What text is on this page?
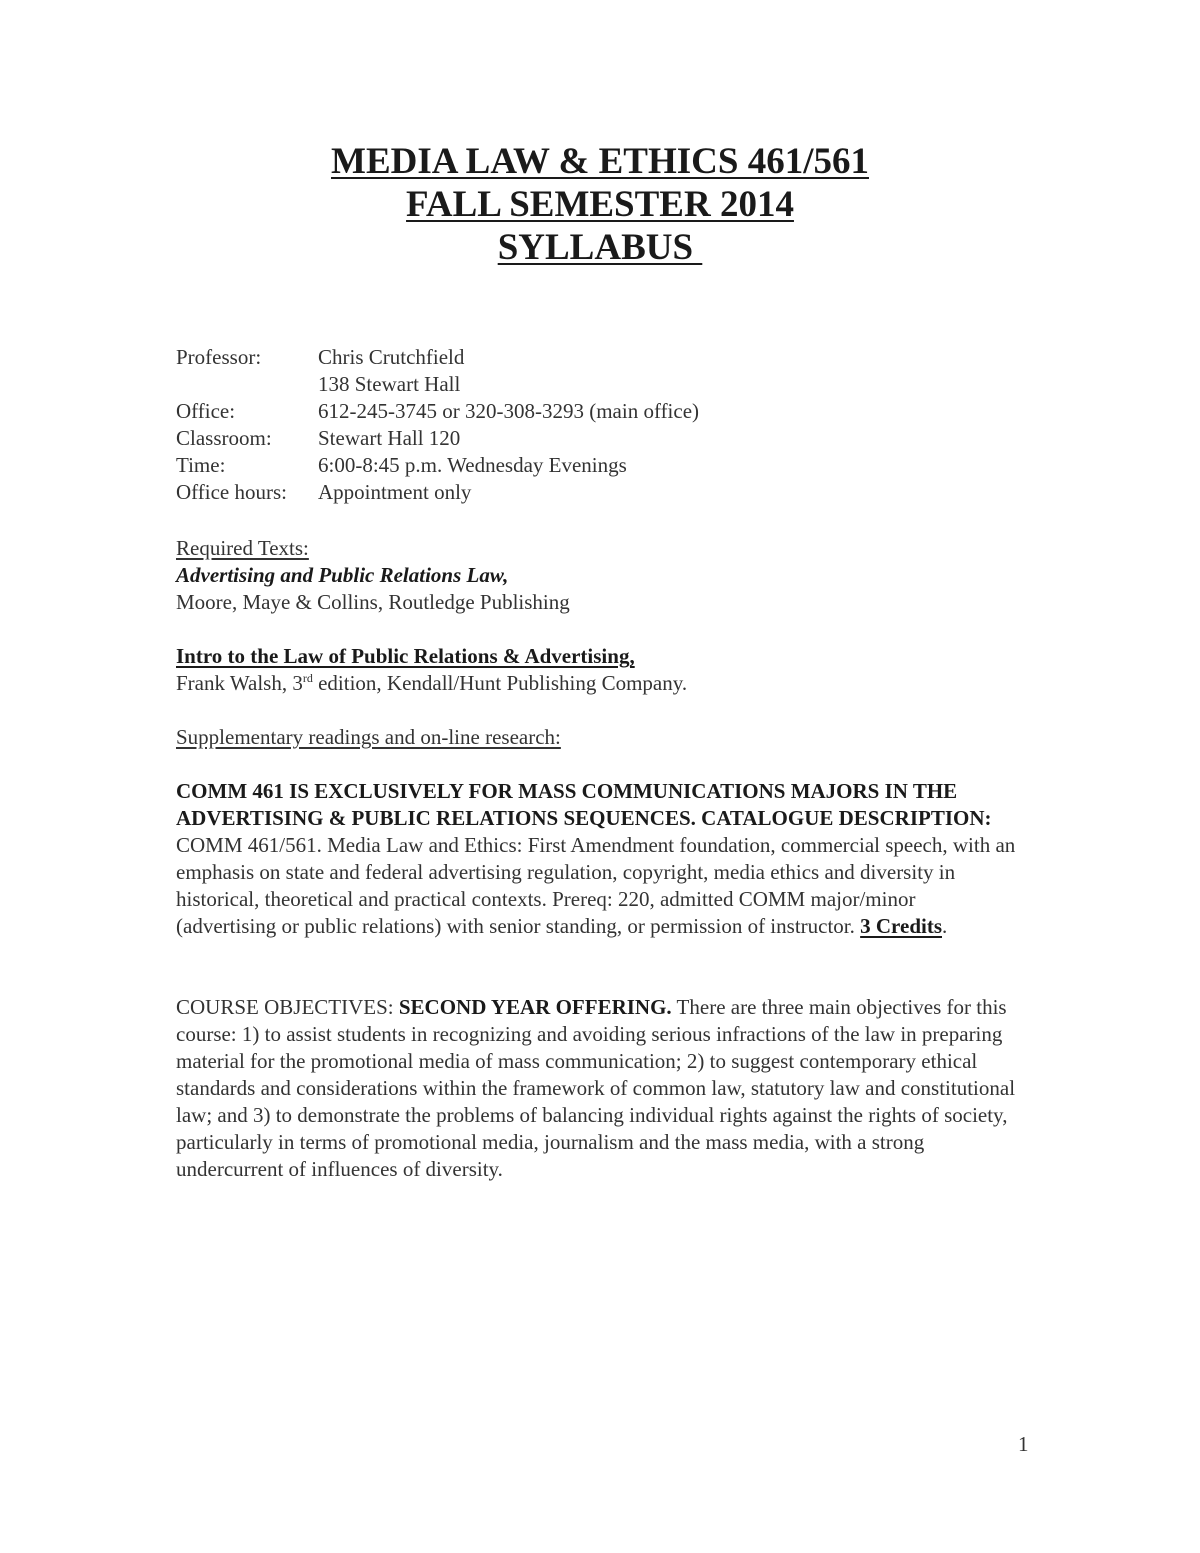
MEDIA LAW & ETHICS 461/561
FALL SEMESTER 2014
SYLLABUS
Professor:	Chris Crutchfield
138 Stewart Hall
Office:	612-245-3745 or 320-308-3293 (main office)
Classroom:	Stewart Hall 120
Time:	6:00-8:45 p.m. Wednesday Evenings
Office hours:	Appointment only
Required Texts:
Advertising and Public Relations Law,
Moore, Maye & Collins, Routledge Publishing
Intro to the Law of Public Relations & Advertising,
Frank Walsh, 3rd edition, Kendall/Hunt Publishing Company.
Supplementary readings and on-line research:
COMM 461 IS EXCLUSIVELY FOR MASS COMMUNICATIONS MAJORS IN THE ADVERTISING & PUBLIC RELATIONS SEQUENCES. CATALOGUE DESCRIPTION: COMM 461/561. Media Law and Ethics: First Amendment foundation, commercial speech, with an emphasis on state and federal advertising regulation, copyright, media ethics and diversity in historical, theoretical and practical contexts. Prereq: 220, admitted COMM major/minor (advertising or public relations) with senior standing, or permission of instructor. 3 Credits.
COURSE OBJECTIVES: SECOND YEAR OFFERING. There are three main objectives for this course: 1) to assist students in recognizing and avoiding serious infractions of the law in preparing material for the promotional media of mass communication; 2) to suggest contemporary ethical standards and considerations within the framework of common law, statutory law and constitutional law; and 3) to demonstrate the problems of balancing individual rights against the rights of society, particularly in terms of promotional media, journalism and the mass media, with a strong undercurrent of influences of diversity.
1
